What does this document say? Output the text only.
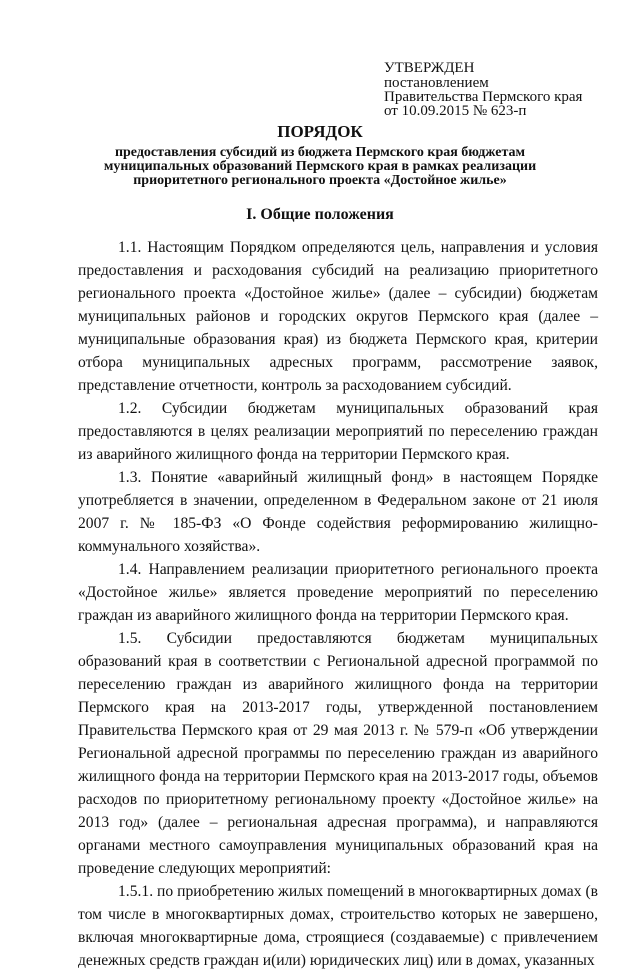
УТВЕРЖДЕН
постановлением
Правительства Пермского края
от 10.09.2015 № 623-п
ПОРЯДОК
предоставления субсидий из бюджета Пермского края бюджетам муниципальных образований Пермского края в рамках реализации приоритетного регионального проекта «Достойное жилье»
I. Общие положения

1.1. Настоящим Порядком определяются цель, направления и условия предоставления и расходования субсидий на реализацию приоритетного регионального проекта «Достойное жилье» (далее – субсидии) бюджетам муниципальных районов и городских округов Пермского края (далее – муниципальные образования края) из бюджета Пермского края, критерии отбора муниципальных адресных программ, рассмотрение заявок, представление отчетности, контроль за расходованием субсидий.

1.2. Субсидии бюджетам муниципальных образований края предоставляются в целях реализации мероприятий по переселению граждан из аварийного жилищного фонда на территории Пермского края.

1.3. Понятие «аварийный жилищный фонд» в настоящем Порядке употребляется в значении, определенном в Федеральном законе от 21 июля 2007 г. № 185-ФЗ «О Фонде содействия реформированию жилищно-коммунального хозяйства».

1.4. Направлением реализации приоритетного регионального проекта «Достойное жилье» является проведение мероприятий по переселению граждан из аварийного жилищного фонда на территории Пермского края.

1.5. Субсидии предоставляются бюджетам муниципальных образований края в соответствии с Региональной адресной программой по переселению граждан из аварийного жилищного фонда на территории Пермского края на 2013-2017 годы, утвержденной постановлением Правительства Пермского края от 29 мая 2013 г. № 579-п «Об утверждении Региональной адресной программы по переселению граждан из аварийного жилищного фонда на территории Пермского края на 2013-2017 годы, объемов расходов по приоритетному региональному проекту «Достойное жилье» на 2013 год» (далее – региональная адресная программа), и направляются органами местного самоуправления муниципальных образований края на проведение следующих мероприятий:

1.5.1. по приобретению жилых помещений в многоквартирных домах (в том числе в многоквартирных домах, строительство которых не завершено, включая многоквартирные дома, строящиеся (создаваемые) с привлечением денежных средств граждан и(или) юридических лиц) или в домах, указанных
